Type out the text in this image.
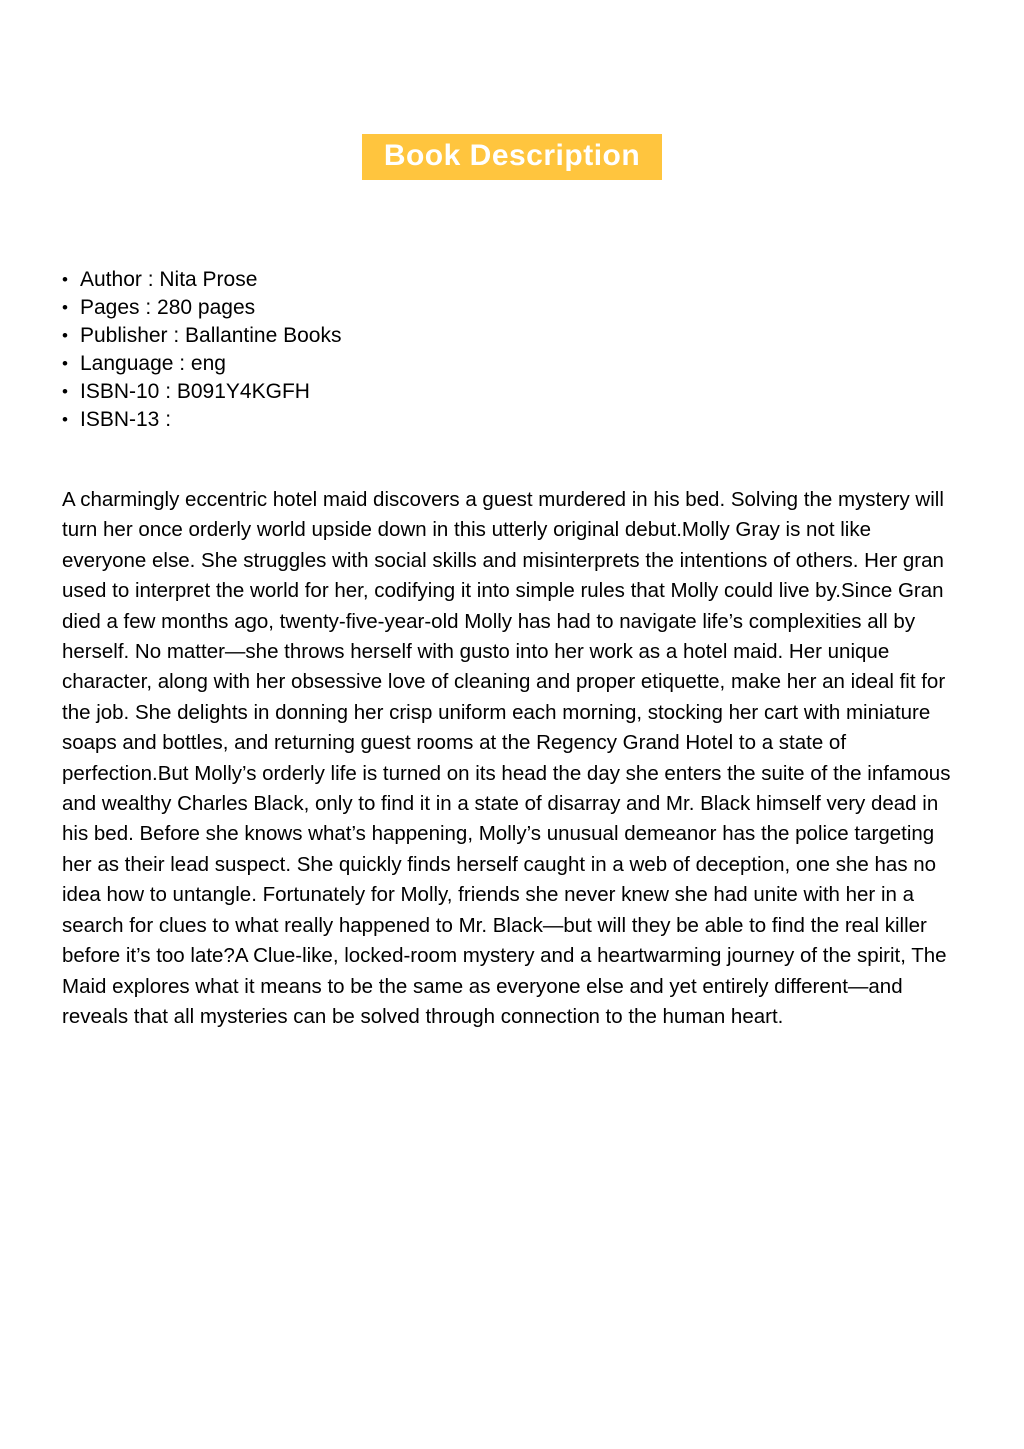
Book Description
• Author : Nita Prose
• Pages : 280 pages
• Publisher : Ballantine Books
• Language : eng
• ISBN-10 : B091Y4KGFH
• ISBN-13 :
A charmingly eccentric hotel maid discovers a guest murdered in his bed. Solving the mystery will turn her once orderly world upside down in this utterly original debut.Molly Gray is not like everyone else. She struggles with social skills and misinterprets the intentions of others. Her gran used to interpret the world for her, codifying it into simple rules that Molly could live by.Since Gran died a few months ago, twenty-five-year-old Molly has had to navigate life’s complexities all by herself. No matter—she throws herself with gusto into her work as a hotel maid. Her unique character, along with her obsessive love of cleaning and proper etiquette, make her an ideal fit for the job. She delights in donning her crisp uniform each morning, stocking her cart with miniature soaps and bottles, and returning guest rooms at the Regency Grand Hotel to a state of perfection.But Molly’s orderly life is turned on its head the day she enters the suite of the infamous and wealthy Charles Black, only to find it in a state of disarray and Mr. Black himself very dead in his bed. Before she knows what’s happening, Molly’s unusual demeanor has the police targeting her as their lead suspect. She quickly finds herself caught in a web of deception, one she has no idea how to untangle. Fortunately for Molly, friends she never knew she had unite with her in a search for clues to what really happened to Mr. Black—but will they be able to find the real killer before it’s too late?A Clue-like, locked-room mystery and a heartwarming journey of the spirit, The Maid explores what it means to be the same as everyone else and yet entirely different—and reveals that all mysteries can be solved through connection to the human heart.
